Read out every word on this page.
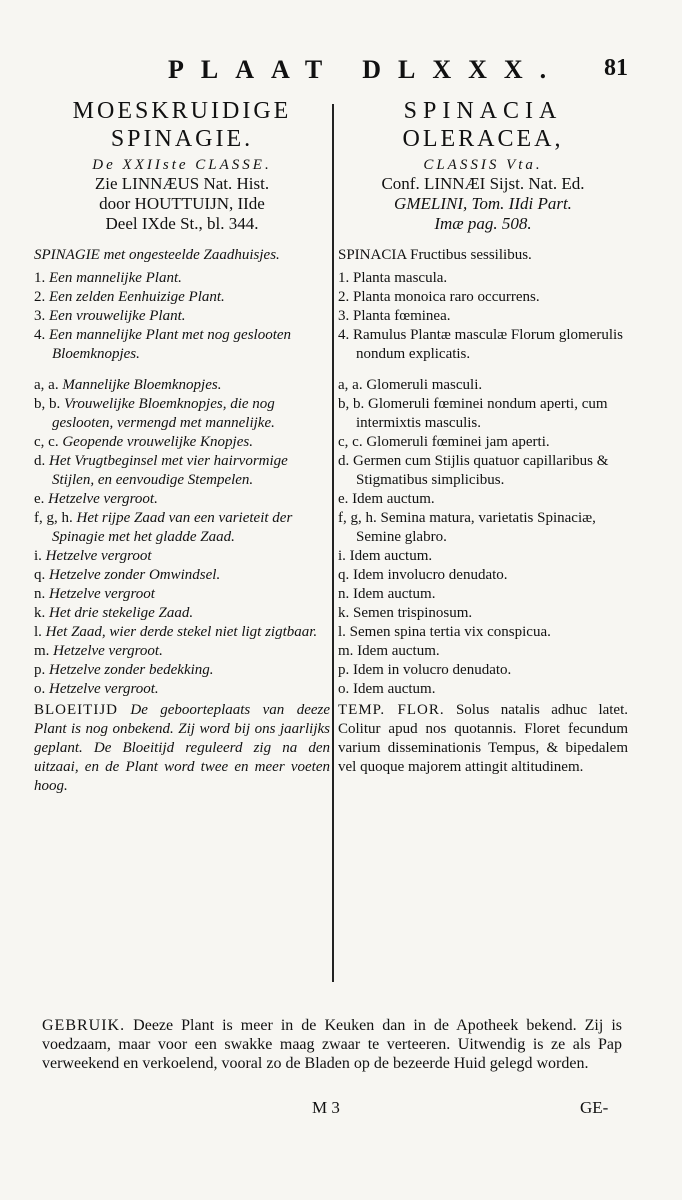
PLAAT DLXXX. 81
MOESKRUIDIGE
SPINAGIE.
De XXIIste CLASSE.
Zie LINNÆUS Nat. Hist.
door HOUTTUIJN, IIde
Deel IXde St., bl. 344.
SPINAGIE met ongesteelde Zaadhuisjes.
1. Een mannelijke Plant.
2. Een zelden Eenhuizige Plant.
3. Een vrouwelijke Plant.
4. Een mannelijke Plant met nog geslooten Bloemknopjes.
a, a. Mannelijke Bloemknopjes.
b, b. Vrouwelijke Bloemknopjes, die nog geslooten, vermengd met mannelijke.
c, c. Geopende vrouwelijke Knopjes.
d. Het Vrugtbeginsel met vier hairvormige Stijlen, en eenvoudige Stempelen.
e. Hetzelve vergroot.
f, g, h. Het rijpe Zaad van een varieteit der Spinagie met het gladde Zaad.
i. Hetzelve vergroot
q. Hetzelve zonder Omwindsel.
n. Hetzelve vergroot
k. Het drie stekelige Zaad.
l. Het Zaad, wier derde stekel niet ligt zigtbaar.
m. Hetzelve vergroot.
p. Hetzelve zonder bedekking.
o. Hetzelve vergroot.
BLOEITIJD De geboorteplaats van deeze Plant is nog onbekend. Zij word bij ons jaarlijks geplant. De Bloeitijd reguleerd zig na den uitzaai, en de Plant word twee en meer voeten hoog.
SPINACIA
OLERACEA,
CLASSIS Vta.
Conf. LINNÆI Sijst. Nat. Ed.
GMELINI, Tom. IIdi Part.
Imæ pag. 508.
SPINACIA Fructibus sessilibus.
1. Planta mascula.
2. Planta monoica raro occurrens.
3. Planta fœminea.
4. Ramulus Plantæ masculæ Florum glomerulis nondum explicatis.
a, a. Glomeruli masculi.
b, b. Glomeruli fœminei nondum aperti, cum intermixtis masculis.
c, c. Glomeruli fœminei jam aperti.
d. Germen cum Stijlis quatuor capillaribus & Stigmatibus simplicibus.
e. Idem auctum.
f, g, h. Semina matura, varietatis Spinaciæ, Semine glabro.
i. Idem auctum.
q. Idem involucro denudato.
n. Idem auctum.
k. Semen trispinosum.
l. Semen spina tertia vix conspicua.
m. Idem auctum.
p. Idem in volucro denudato.
o. Idem auctum.
TEMP. FLOR. Solus natalis adhuc latet. Colitur apud nos quotannis. Floret fecundum varium disseminationis Tempus, & bipedalem vel quoque majorem attingit altitudinem.
GEBRUIK. Deeze Plant is meer in de Keuken dan in de Apotheek bekend. Zij is voedzaam, maar voor een swakke maag zwaar te verteeren. Uitwendig is ze als Pap verweekend en verkoelend, vooral zo de Bladen op de bezeerde Huid gelegd worden.
M 3	GE-
